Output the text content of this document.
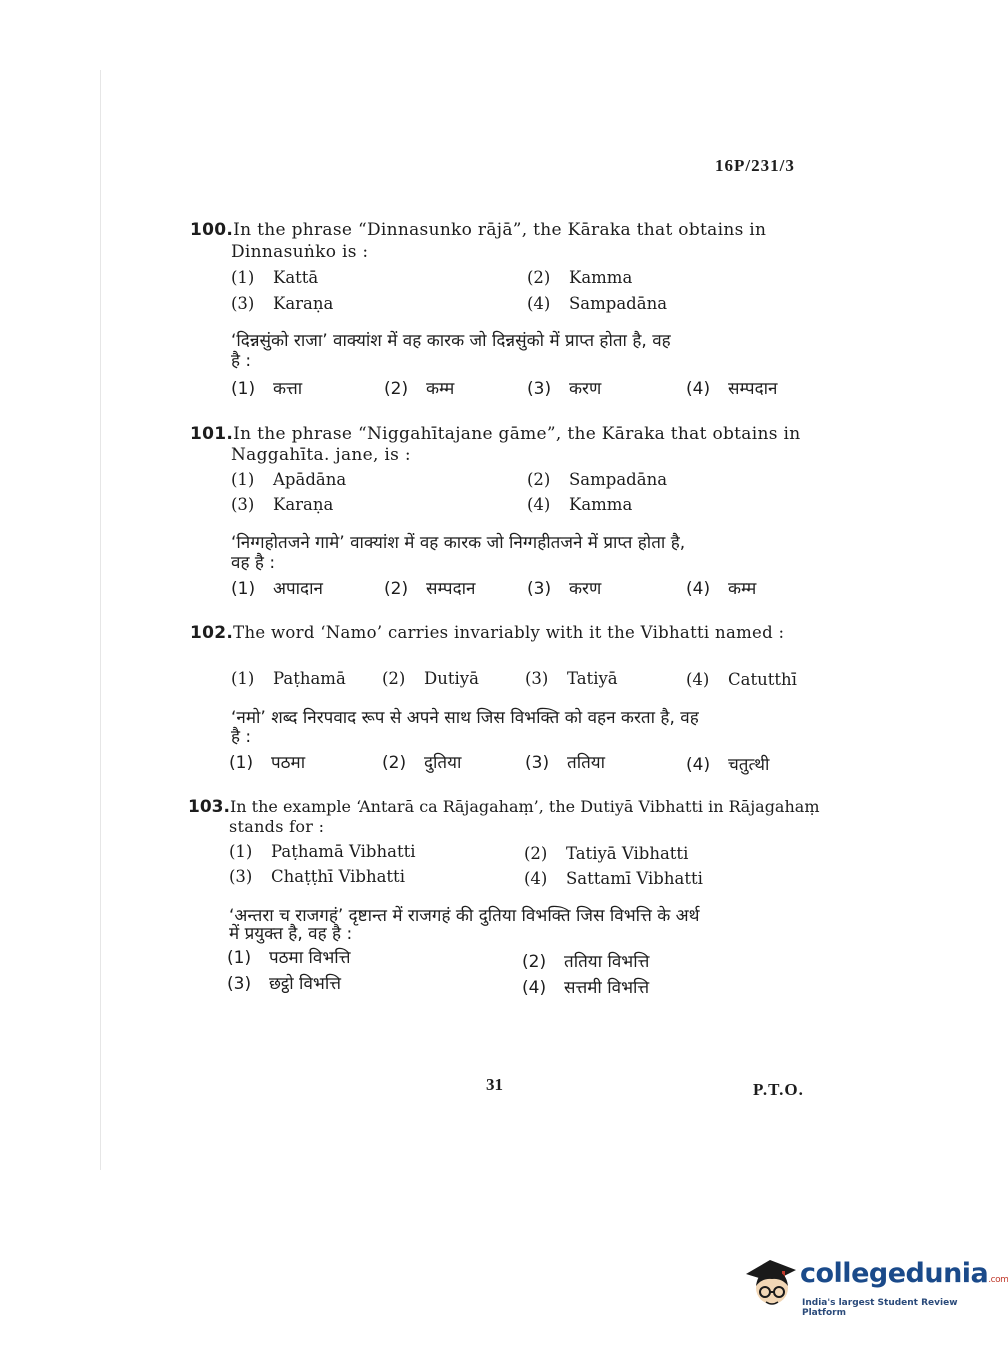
16P/231/3
100.In the phrase “Dinnasunko rājā”, the Kāraka that obtains in
Dinnasuṅko is :
(1) Kattā	(2) Kamma
(3) Karaṇa	(4) Sampadāna
‘दिन्नसुंको राजा’ वाक्यांश में वह कारक जो दिन्नसुंको में प्राप्त होता है, वह
है :
(1) कत्ता	(2) कम्म	(3) करण	(4) सम्पदान
101.In the phrase “Niggahītajane gāme”, the Kāraka that obtains in
Naggahīta. jane, is :
(1) Apādāna	(2) Sampadāna
(3) Karaṇa	(4) Kamma
‘निग्गहोतजने गामे’ वाक्यांश में वह कारक जो निग्गहीतजने में प्राप्त होता है,
वह है :
(1) अपादान	(2) सम्पदान	(3) करण	(4) कम्म
102.The word ‘Namo’ carries invariably with it the Vibhatti named :
(1) Paṭhamā (2) Dutiyā	(3) Tatiyā	(4) Catutthī
‘नमो’ शब्द निरपवाद रूप से अपने साथ जिस विभक्ति को वहन करता है, वह
है :
(1) पठमा	(2) दुतिया	(3) ततिया	(4) चतुत्थी
103.In the example ‘Antarā ca Rājagahaṃ’, the Dutiyā Vibhatti in Rājagahaṃ
stands for :
(1) Paṭhamā Vibhatti	(2) Tatiyā Vibhatti
(3) Chaṭṭhī Vibhatti	(4) Sattamī Vibhatti
‘अन्तरा च राजगहं’ दृष्टान्त में राजगहं की दुतिया विभक्ति जिस विभत्ति के अर्थ
में प्रयुक्त है, वह है :
(1) पठमा विभत्ति	(2) ततिया विभत्ति
(3) छट्ठो विभत्ति	(4) सत्तमी विभत्ति
31	P.T.O.
collegedunia.com
India's largest Student Review Platform
